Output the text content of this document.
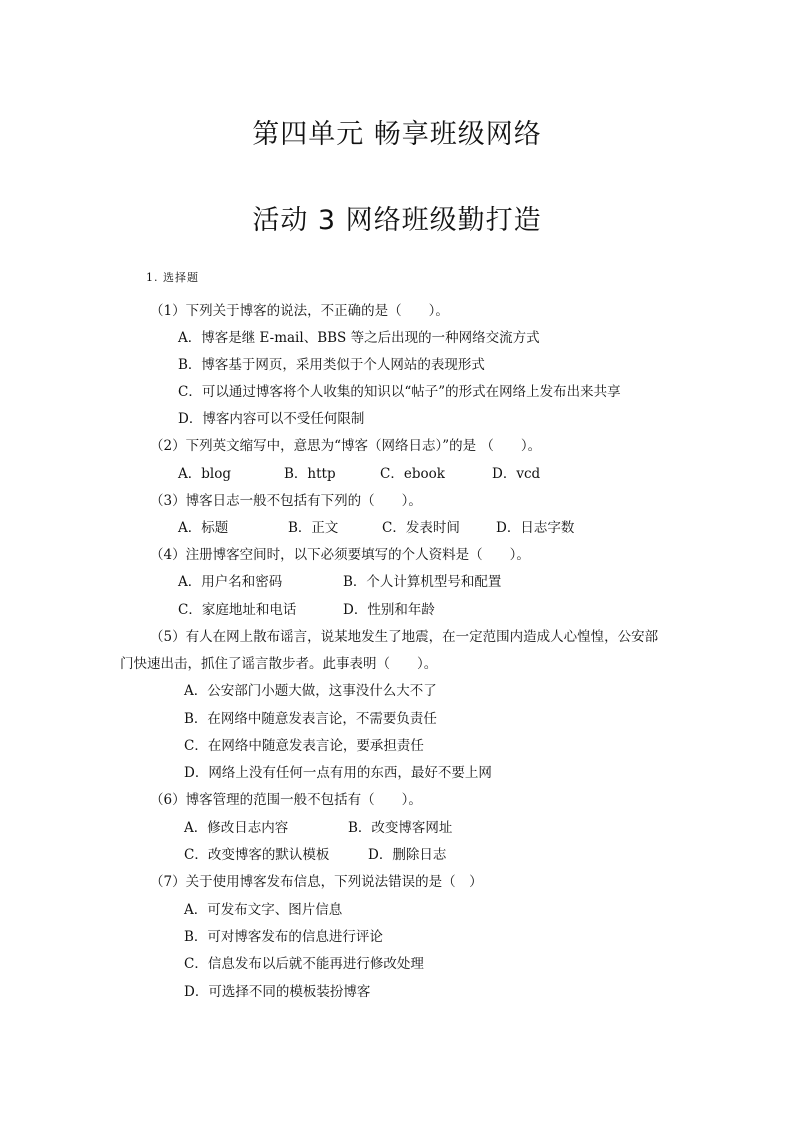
第四单元 畅享班级网络
活动 3 网络班级勤打造
1. 选择题
（1）下列关于博客的说法，不正确的是（　　）。
A．博客是继 E-mail、BBS 等之后出现的一种网络交流方式
B．博客基于网页，采用类似于个人网站的表现形式
C．可以通过博客将个人收集的知识以“帖子”的形式在网络上发布出来共享
D．博客内容可以不受任何限制
（2）下列英文缩写中，意思为“博客（网络日志）”的是 （　　）。
A．blog	B．http	C．ebook	D．vcd
（3）博客日志一般不包括有下列的（　　）。
A．标题	B．正文	C．发表时间	D．日志字数
（4）注册博客空间时，以下必须要填写的个人资料是（　　）。
A．用户名和密码	B．个人计算机型号和配置
C．家庭地址和电话	D．性别和年龄
（5）有人在网上散布谣言，说某地发生了地震，在一定范围内造成人心惶惶，公安部
门快速出击，抓住了谣言散步者。此事表明（　　）。
A．公安部门小题大做，这事没什么大不了
B．在网络中随意发表言论，不需要负责任
C．在网络中随意发表言论，要承担责任
D．网络上没有任何一点有用的东西，最好不要上网
（6）博客管理的范围一般不包括有（　　）。
A．修改日志内容	B．改变博客网址
C．改变博客的默认模板	D．删除日志
（7）关于使用博客发布信息，下列说法错误的是（　）
A．可发布文字、图片信息
B．可对博客发布的信息进行评论
C．信息发布以后就不能再进行修改处理
D．可选择不同的模板装扮博客
